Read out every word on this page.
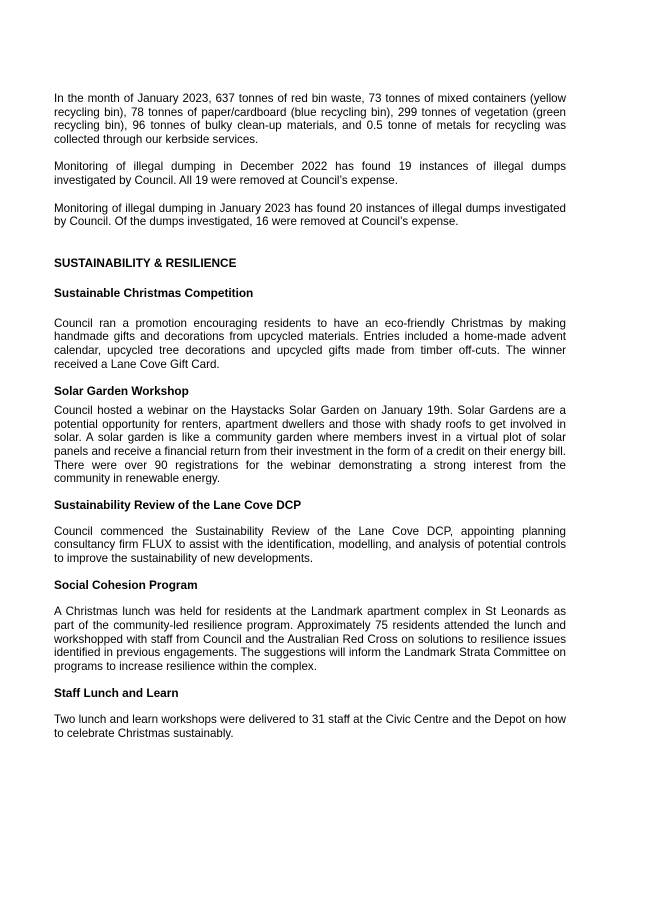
In the month of January 2023, 637 tonnes of red bin waste, 73 tonnes of mixed containers (yellow recycling bin), 78 tonnes of paper/cardboard (blue recycling bin), 299 tonnes of vegetation (green recycling bin), 96 tonnes of bulky clean-up materials, and 0.5 tonne of metals for recycling was collected through our kerbside services.

Monitoring of illegal dumping in December 2022 has found 19 instances of illegal dumps investigated by Council. All 19 were removed at Council’s expense.

Monitoring of illegal dumping in January 2023 has found 20 instances of illegal dumps investigated by Council. Of the dumps investigated, 16 were removed at Council’s expense.

SUSTAINABILITY & RESILIENCE
Sustainable Christmas Competition

Council ran a promotion encouraging residents to have an eco-friendly Christmas by making handmade gifts and decorations from upcycled materials. Entries included a home-made advent calendar, upcycled tree decorations and upcycled gifts made from timber off-cuts. The winner received a Lane Cove Gift Card.

Solar Garden Workshop

Council hosted a webinar on the Haystacks Solar Garden on January 19th. Solar Gardens are a potential opportunity for renters, apartment dwellers and those with shady roofs to get involved in solar. A solar garden is like a community garden where members invest in a virtual plot of solar panels and receive a financial return from their investment in the form of a credit on their energy bill. There were over 90 registrations for the webinar demonstrating a strong interest from the community in renewable energy.

Sustainability Review of the Lane Cove DCP

Council commenced the Sustainability Review of the Lane Cove DCP, appointing planning consultancy firm FLUX to assist with the identification, modelling, and analysis of potential controls to improve the sustainability of new developments.

Social Cohesion Program

A Christmas lunch was held for residents at the Landmark apartment complex in St Leonards as part of the community-led resilience program. Approximately 75 residents attended the lunch and workshopped with staff from Council and the Australian Red Cross on solutions to resilience issues identified in previous engagements. The suggestions will inform the Landmark Strata Committee on programs to increase resilience within the complex.

Staff Lunch and Learn

Two lunch and learn workshops were delivered to 31 staff at the Civic Centre and the Depot on how to celebrate Christmas sustainably.
